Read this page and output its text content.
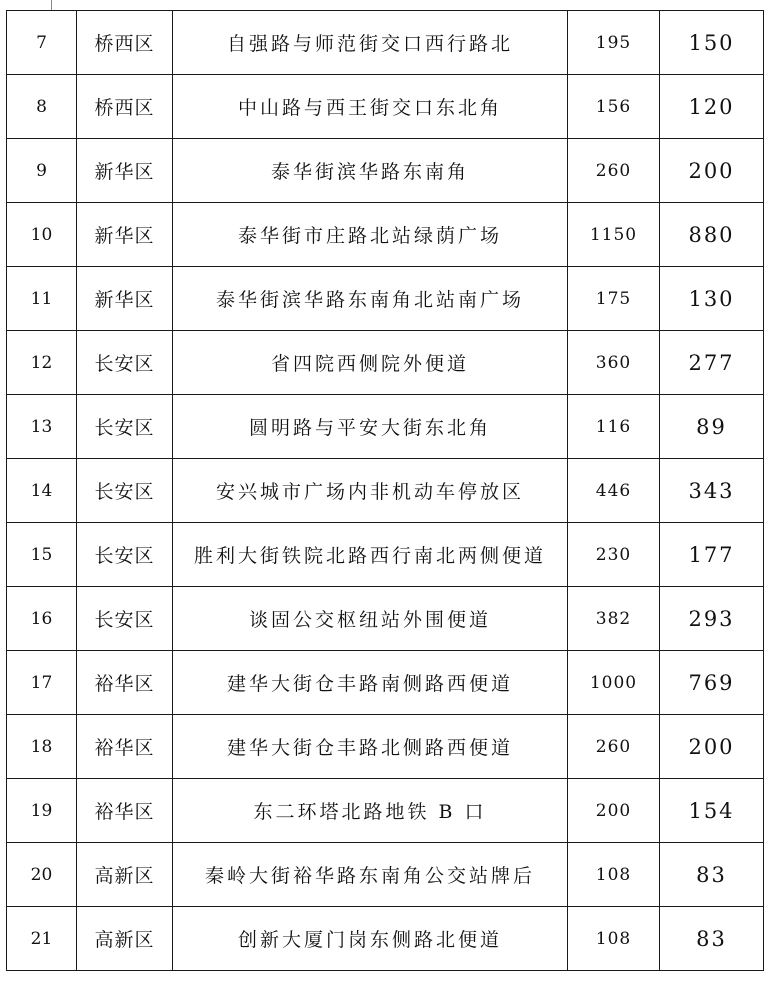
7	桥西区	自强路与师范街交口西行路北	195	150
8	桥西区	中山路与西王街交口东北角	156	120
9	新华区	泰华街滨华路东南角	260	200
10	新华区	泰华街市庄路北站绿荫广场	1150	880
11	新华区	泰华街滨华路东南角北站南广场	175	130
12	长安区	省四院西侧院外便道	360	277
13	长安区	圆明路与平安大街东北角	116	89
14	长安区	安兴城市广场内非机动车停放区	446	343
15	长安区	胜利大街铁院北路西行南北两侧便道	230	177
16	长安区	谈固公交枢纽站外围便道	382	293
17	裕华区	建华大街仓丰路南侧路西便道	1000	769
18	裕华区	建华大街仓丰路北侧路西便道	260	200
19	裕华区	东二环塔北路地铁 B 口	200	154
20	高新区	秦岭大街裕华路东南角公交站牌后	108	83
21	高新区	创新大厦门岗东侧路北便道	108	83
